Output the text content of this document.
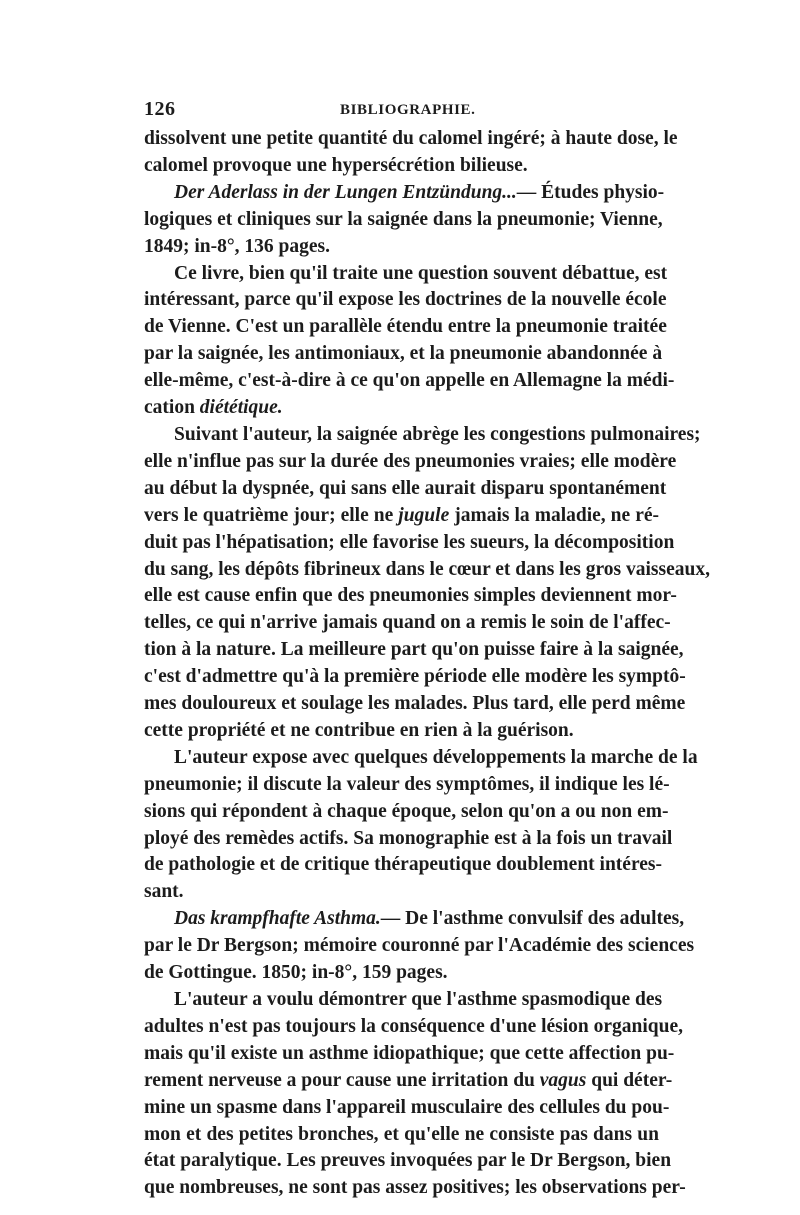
126	BIBLIOGRAPHIE.
dissolvent une petite quantité du calomel ingéré; à haute dose, le
calomel provoque une hypersécrétion bilieuse.
Der Aderlass in der Lungen Entzündung...— Études physio-
logiques et cliniques sur la saignée dans la pneumonie; Vienne,
1849; in-8°, 136 pages.
Ce livre, bien qu'il traite une question souvent débattue, est
intéressant, parce qu'il expose les doctrines de la nouvelle école
de Vienne. C'est un parallèle étendu entre la pneumonie traitée
par la saignée, les antimoniaux, et la pneumonie abandonnée à
elle-même, c'est-à-dire à ce qu'on appelle en Allemagne la médi-
cation diététique.
Suivant l'auteur, la saignée abrège les congestions pulmonaires;
elle n'influe pas sur la durée des pneumonies vraies; elle modère
au début la dyspnée, qui sans elle aurait disparu spontanément
vers le quatrième jour; elle ne jugule jamais la maladie, ne ré-
duit pas l'hépatisation; elle favorise les sueurs, la décomposition
du sang, les dépôts fibrineux dans le cœur et dans les gros vaisseaux,
elle est cause enfin que des pneumonies simples deviennent mor-
telles, ce qui n'arrive jamais quand on a remis le soin de l'affec-
tion à la nature. La meilleure part qu'on puisse faire à la saignée,
c'est d'admettre qu'à la première période elle modère les symptô-
mes douloureux et soulage les malades. Plus tard, elle perd même
cette propriété et ne contribue en rien à la guérison.
L'auteur expose avec quelques développements la marche de la
pneumonie; il discute la valeur des symptômes, il indique les lé-
sions qui répondent à chaque époque, selon qu'on a ou non em-
ployé des remèdes actifs. Sa monographie est à la fois un travail
de pathologie et de critique thérapeutique doublement intéres-
sant.
Das krampfhafte Asthma.— De l'asthme convulsif des adultes,
par le Dr Bergson; mémoire couronné par l'Académie des sciences
de Gottingue. 1850; in-8°, 159 pages.
L'auteur a voulu démontrer que l'asthme spasmodique des
adultes n'est pas toujours la conséquence d'une lésion organique,
mais qu'il existe un asthme idiopathique; que cette affection pu-
rement nerveuse a pour cause une irritation du vagus qui déter-
mine un spasme dans l'appareil musculaire des cellules du pou-
mon et des petites bronches, et qu'elle ne consiste pas dans un
état paralytique. Les preuves invoquées par le Dr Bergson, bien
que nombreuses, ne sont pas assez positives; les observations per-
